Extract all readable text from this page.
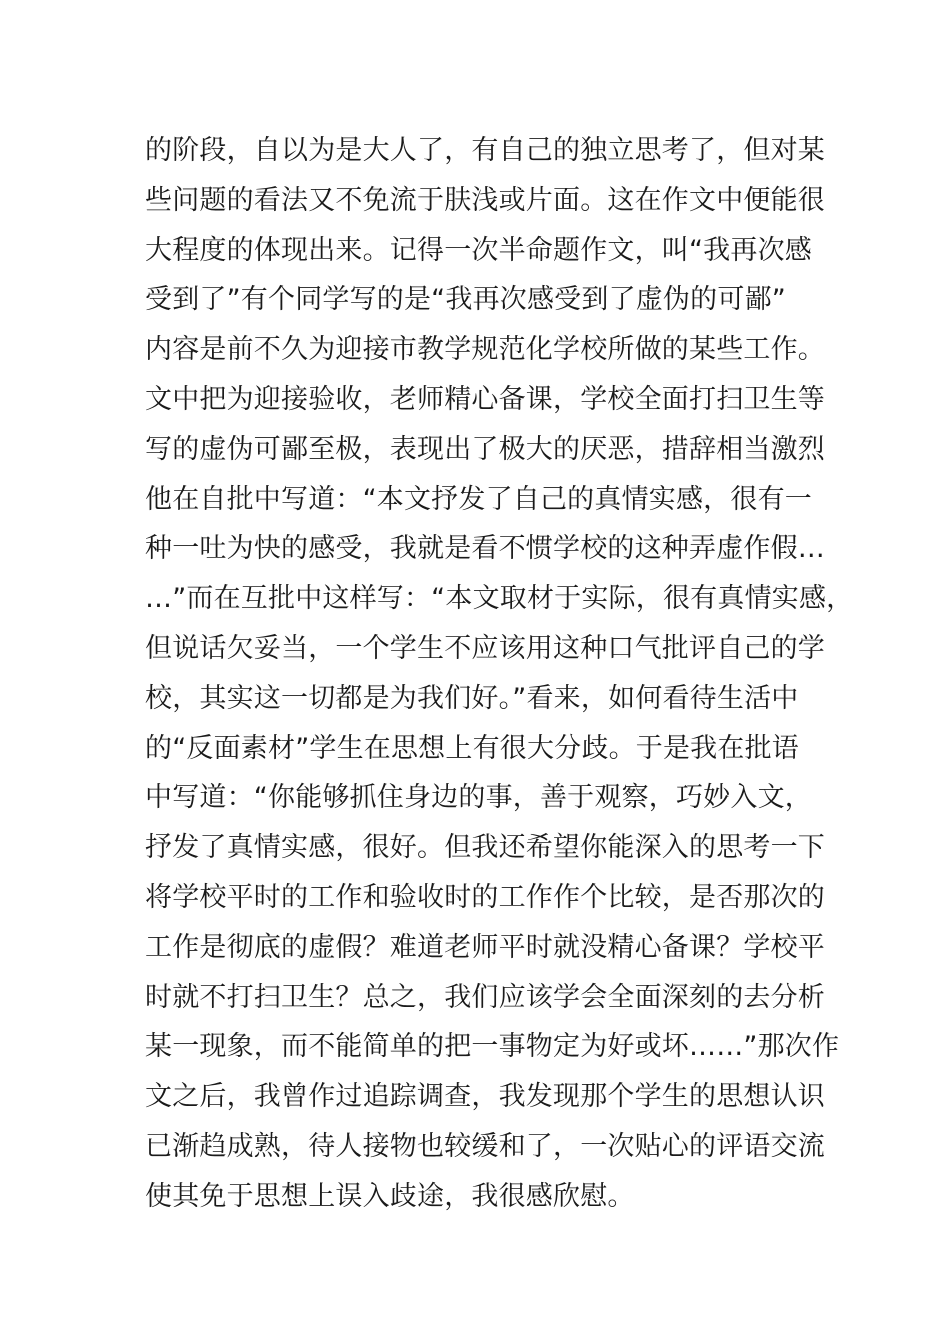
的阶段，自以为是大人了，有自己的独立思考了，但对某
些问题的看法又不免流于肤浅或片面。这在作文中便能很
大程度的体现出来。记得一次半命题作文，叫“我再次感
受到了”有个同学写的是“我再次感受到了虚伪的可鄙”
内容是前不久为迎接市教学规范化学校所做的某些工作。
文中把为迎接验收，老师精心备课，学校全面打扫卫生等
写的虚伪可鄙至极，表现出了极大的厌恶，措辞相当激烈
他在自批中写道：“本文抒发了自己的真情实感，很有一
种一吐为快的感受，我就是看不惯学校的这种弄虚作假…
…”而在互批中这样写：“本文取材于实际，很有真情实感，
但说话欠妥当，一个学生不应该用这种口气批评自己的学
校，其实这一切都是为我们好。”看来，如何看待生活中
的“反面素材”学生在思想上有很大分歧。于是我在批语
中写道：“你能够抓住身边的事，善于观察，巧妙入文，
抒发了真情实感，很好。但我还希望你能深入的思考一下
将学校平时的工作和验收时的工作作个比较，是否那次的
工作是彻底的虚假？难道老师平时就没精心备课？学校平
时就不打扫卫生？总之，我们应该学会全面深刻的去分析
某一现象，而不能简单的把一事物定为好或坏……”那次作
文之后，我曾作过追踪调查，我发现那个学生的思想认识
已渐趋成熟，待人接物也较缓和了，一次贴心的评语交流
使其免于思想上误入歧途，我很感欣慰。
